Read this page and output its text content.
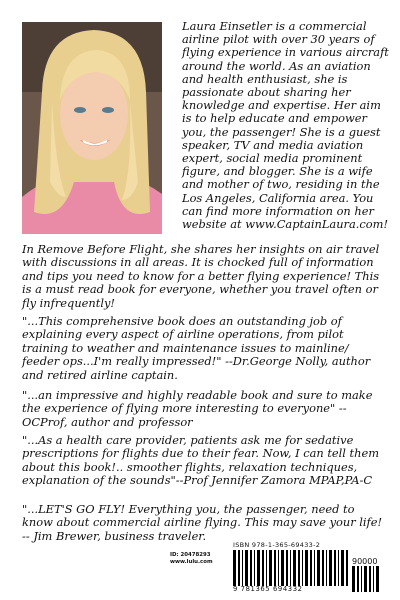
Laura Einsetler is a commercial airline pilot with over 30 years of flying experience in various aircraft around the world. As an aviation and health enthusiast, she is passionate about sharing her knowledge and expertise. Her aim is to help educate and empower you, the passenger! She is a guest speaker, TV and media aviation expert, social media prominent figure, and blogger. She is a wife and mother of two, residing in the Los Angeles, California area. You can find more information on her website at www.CaptainLaura.com!

In Remove Before Flight, she shares her insights on air travel with discussions in all areas. It is chocked full of information and tips you need to know for a better flying experience! This is a must read book for everyone, whether you travel often or fly infrequently!

"...This comprehensive book does an outstanding job of explaining every aspect of airline operations, from pilot training to weather and maintenance issues to mainline/ feeder ops...I'm really impressed!" --Dr.George Nolly, author and retired airline captain.

"...an impressive and highly readable book and sure to make the experience of flying more interesting to everyone" --OCProf, author and professor

"...As a health care provider, patients ask me for sedative prescriptions for flights due to their fear. Now, I can tell them about this book!.. smoother flights, relaxation techniques, explanation of the sounds"--Prof Jennifer Zamora MPAP,PA-C

"...LET'S GO FLY! Everything you, the passenger, need to know about commercial airline flying. This may save your life! -- Jim Brewer, business traveler.

ID: 20478293
www.lulu.com
ISBN 978-1-365-69433-2
90000
9 781365 694332
